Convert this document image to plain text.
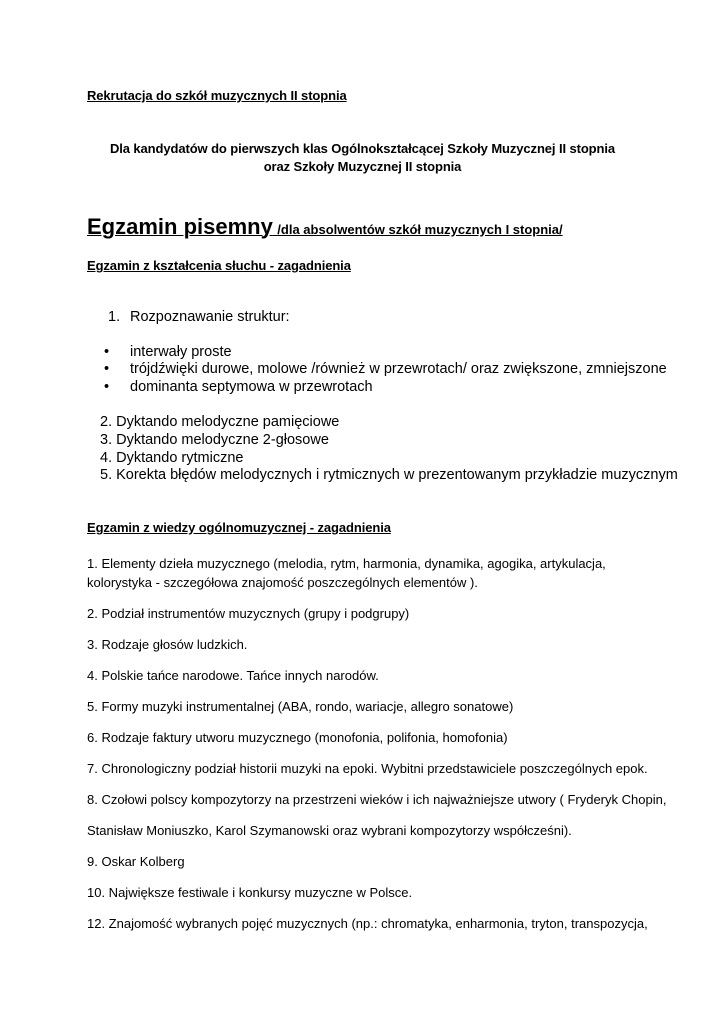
Rekrutacja do szkół muzycznych II stopnia
Dla kandydatów do pierwszych klas Ogólnokształcącej Szkoły Muzycznej II stopnia
oraz Szkoły Muzycznej II stopnia
Egzamin pisemny /dla absolwentów szkół muzycznych I stopnia/
Egzamin z kształcenia słuchu - zagadnienia
1. Rozpoznawanie struktur:
• interwały proste
• trójdźwięki durowe, molowe /również w przewrotach/ oraz zwiększone, zmniejszone
• dominanta septymowa w przewrotach
2. Dyktando melodyczne pamięciowe
3. Dyktando melodyczne 2-głosowe
4. Dyktando rytmiczne
5. Korekta błędów melodycznych i rytmicznych w prezentowanym przykładzie muzycznym
Egzamin z wiedzy ogólnomuzycznej - zagadnienia
1. Elementy dzieła muzycznego (melodia, rytm, harmonia, dynamika, agogika, artykulacja,
kolorystyka - szczegółowa znajomość poszczególnych elementów ).
2. Podział instrumentów muzycznych (grupy i podgrupy)
3. Rodzaje głosów ludzkich.
4. Polskie tańce narodowe. Tańce innych narodów.
5. Formy muzyki instrumentalnej (ABA, rondo, wariacje, allegro sonatowe)
6. Rodzaje faktury utworu muzycznego (monofonia, polifonia, homofonia)
7. Chronologiczny podział historii muzyki na epoki. Wybitni przedstawiciele poszczególnych epok.
8. Czołowi polscy kompozytorzy na przestrzeni wieków i ich najważniejsze utwory ( Fryderyk Chopin,
Stanisław Moniuszko, Karol Szymanowski oraz wybrani kompozytorzy współcześni).
9. Oskar Kolberg
10. Największe festiwale i konkursy muzyczne w Polsce.
12. Znajomość wybranych pojęć muzycznych (np.: chromatyka, enharmonia, tryton, transpozycja,
